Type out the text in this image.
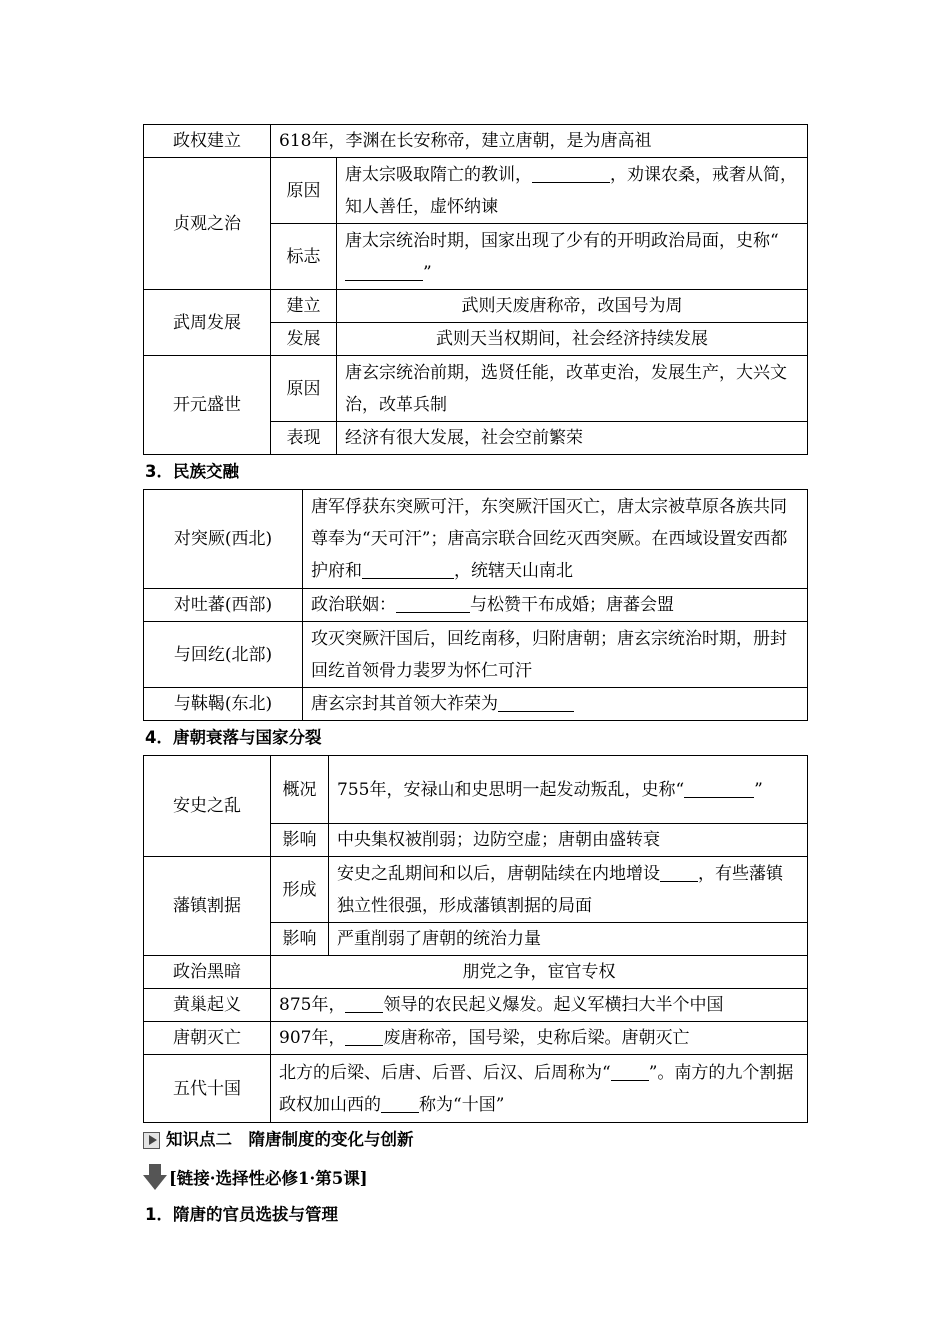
政权建立	618年，李渊在长安称帝，建立唐朝，是为唐高祖	
贞观之治	原因	唐太宗吸取隋亡的教训， ，劝课农桑，戒奢从简，知人善任，虚怀纳谏
	标志	唐太宗统治时期，国家出现了少有的开明政治局面，史称“”
武周发展	建立	武则天废唐称帝，改国号为周
	发展	武则天当权期间，社会经济持续发展
开元盛世	原因	唐玄宗统治前期，选贤任能，改革吏治，发展生产，大兴文治，改革兵制
	表现	经济有很大发展，社会空前繁荣
3．民族交融
对突厥(西北)	唐军俘获东突厥可汗，东突厥汗国灭亡，唐太宗被草原各族共同尊奉为“天可汗”；唐高宗联合回纥灭西突厥。在西域设置安西都护府和 ，统辖天山南北
对吐蕃(西部)	政治联姻： 与松赞干布成婚；唐蕃会盟
与回纥(北部)	攻灭突厥汗国后，回纥南移，归附唐朝；唐玄宗统治时期，册封回纥首领骨力裴罗为怀仁可汗
与靺鞨(东北)	唐玄宗封其首领大祚荣为
4．唐朝衰落与国家分裂
安史之乱	概况	755年，安禄山和史思明一起发动叛乱，史称“ ”
	影响	中央集权被削弱；边防空虚；唐朝由盛转衰
藩镇割据	形成	安史之乱期间和以后，唐朝陆续在内地增设 ，有些藩镇独立性很强，形成藩镇割据的局面
	影响	严重削弱了唐朝的统治力量
政治黑暗	朋党之争，宦官专权	
黄巢起义	875年， 领导的农民起义爆发。起义军横扫大半个中国	
唐朝灭亡	907年， 废唐称帝，国号梁，史称后梁。唐朝灭亡	
五代十国	北方的后梁、后唐、后晋、后汉、后周称为“ ”。南方的九个割据政权加山西的 称为“十国”	
知识点二　隋唐制度的变化与创新
[链接·选择性必修1·第5课]
1．隋唐的官员选拔与管理
